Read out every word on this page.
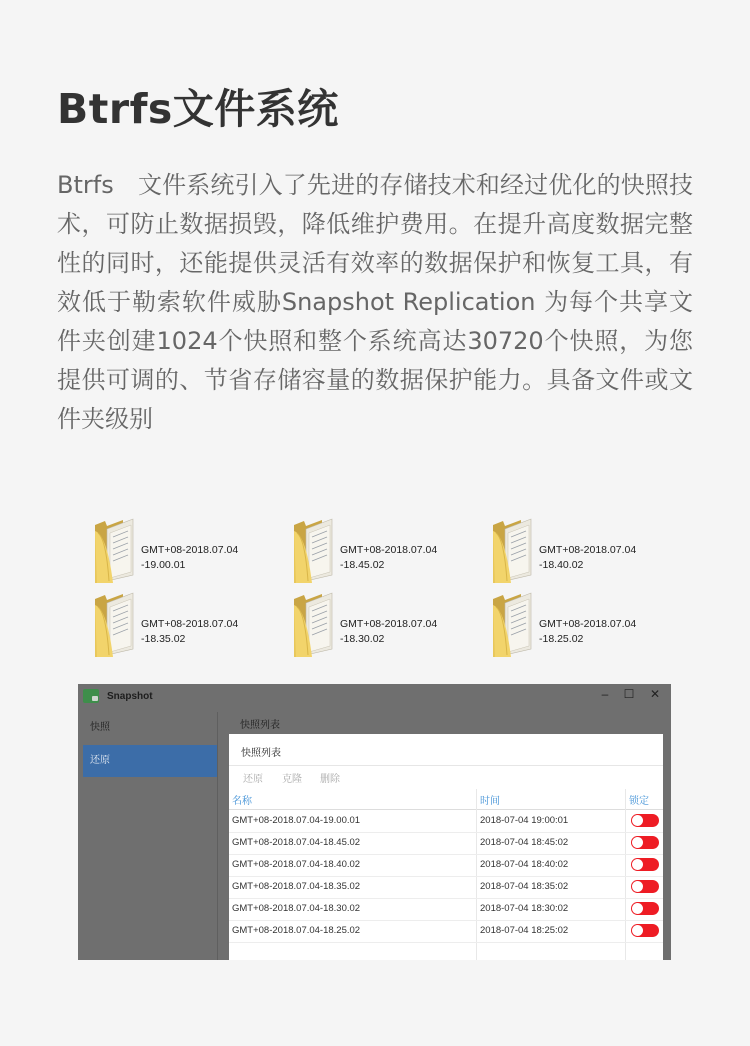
Btrfs文件系统

Btrfs　文件系统引入了先进的存储技术和经过优化的快照技术，可防止数据损毁，降低维护费用。在提升高度数据完整性的同时，还能提供灵活有效率的数据保护和恢复工具，有效低于勒索软件威胁Snapshot Replication 为每个共享文件夹创建1024个快照和整个系统高达30720个快照，为您提供可调的、节省存储容量的数据保护能力。具备文件或文件夹级别

GMT+08-2018.07.04
-19.00.01
GMT+08-2018.07.04
-18.45.02
GMT+08-2018.07.04
-18.40.02
GMT+08-2018.07.04
-18.35.02
GMT+08-2018.07.04
-18.30.02
GMT+08-2018.07.04
-18.25.02
Snapshot	–	☐ ✕
快照
还原
快照列表
快照列表
还原 克隆 删除
名称	时间	锁定
GMT+08-2018.07.04-19.00.01	2018-07-04 19:00:01
GMT+08-2018.07.04-18.45.02	2018-07-04 18:45:02
GMT+08-2018.07.04-18.40.02	2018-07-04 18:40:02
GMT+08-2018.07.04-18.35.02	2018-07-04 18:35:02
GMT+08-2018.07.04-18.30.02	2018-07-04 18:30:02
GMT+08-2018.07.04-18.25.02	2018-07-04 18:25:02
